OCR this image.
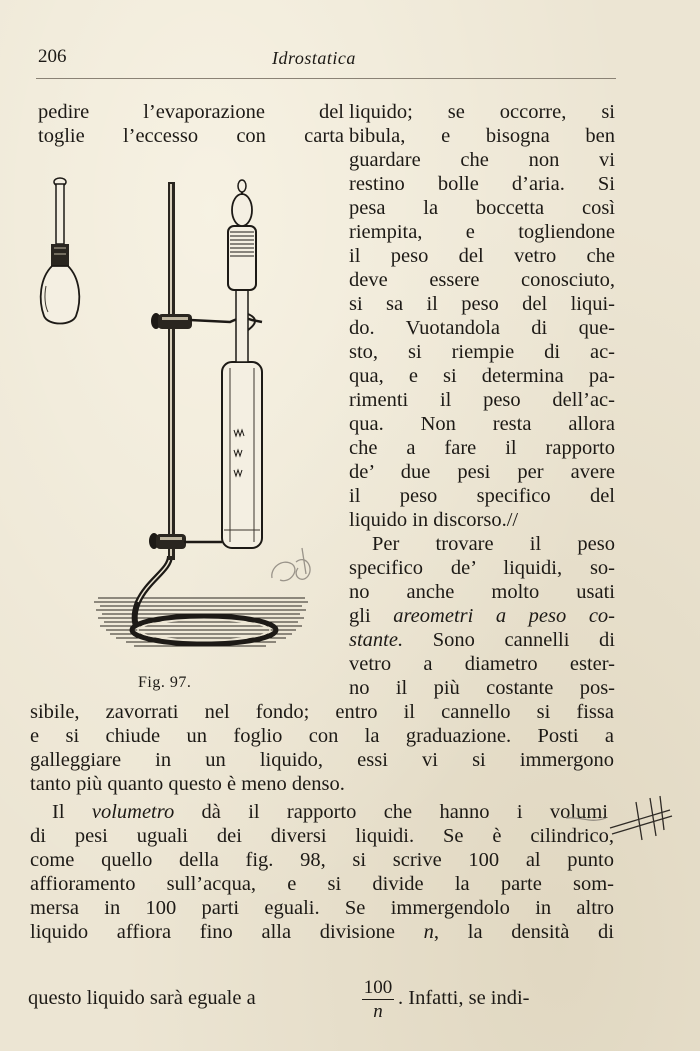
206	Idrostatica
Fig. 97.
pedire l’evaporazione del
toglie l’eccesso con carta
liquido; se occorre, si
bibula, e bisogna ben
guardare che non vi
restino bolle d’aria. Si
pesa la boccetta così
riempita, e togliendone
il peso del vetro che
deve essere conosciuto,
si sa il peso del liqui-
do. Vuotandola di que-
sto, si riempie di ac-
qua, e si determina pa-
rimenti il peso dell’ac-
qua. Non resta allora
che a fare il rapporto
de’ due pesi per avere
il peso specifico del
liquido in discorso.//
Per trovare il peso
specifico de’ liquidi, so-
no anche molto usati
gli areometri a peso co-
stante. Sono cannelli di
vetro a diametro ester-
no il più costante pos-
sibile, zavorrati nel fondo; entro il cannello si fissa
e si chiude un foglio con la graduazione. Posti a
galleggiare in un liquido, essi vi si immergono
tanto più quanto questo è meno denso.
Il volumetro dà il rapporto che hanno i volumi
di pesi uguali dei diversi liquidi. Se è cilindrico,
come quello della fig. 98, si scrive 100 al punto
affioramento sull’acqua, e si divide la parte som-
mersa in 100 parti eguali. Se immergendolo in altro
liquido affiora fino alla divisione n, la densità di
questo liquido sarà eguale a	100
n
. Infatti, se indi-
